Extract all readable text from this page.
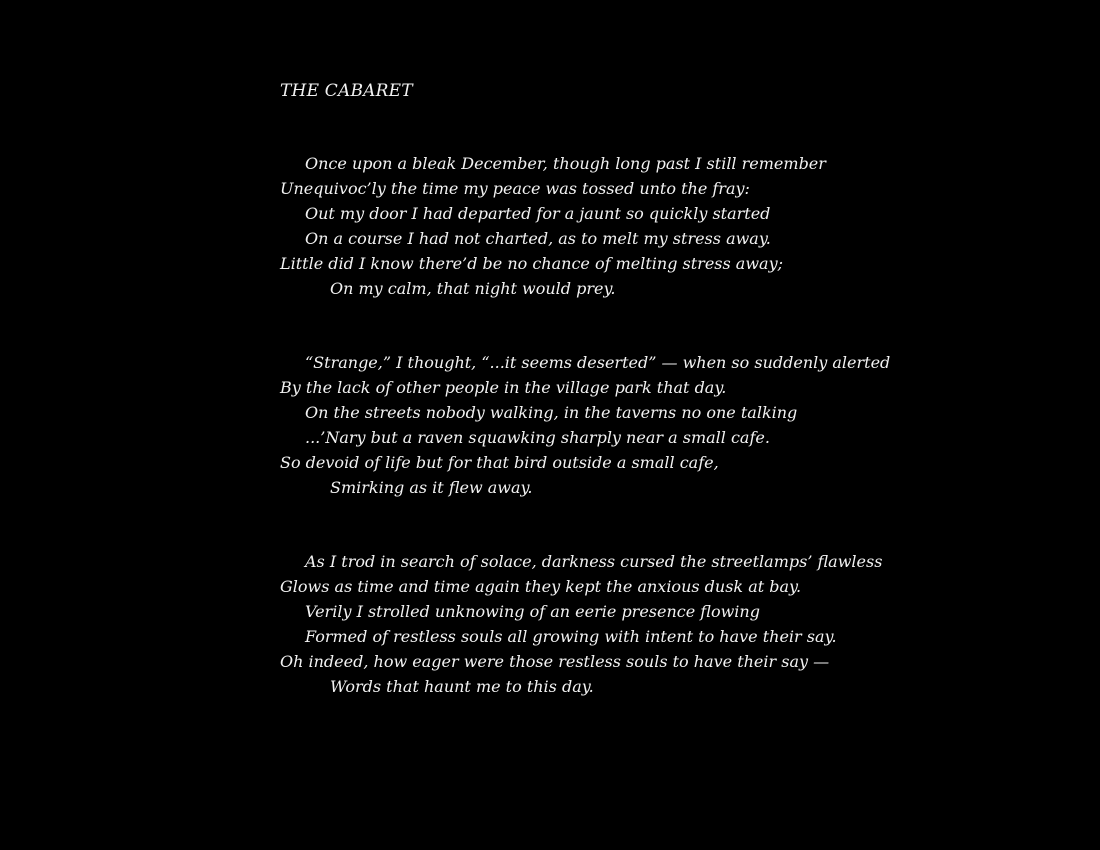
THE CABARET

Once upon a bleak December, though long past I still remember
Unequivoc’ly the time my peace was tossed unto the fray:
Out my door I had departed for a jaunt so quickly started
On a course I had not charted, as to melt my stress away.
Little did I know there’d be no chance of melting stress away;
On my calm, that night would prey.

“Strange,” I thought, “...it seems deserted” — when so suddenly alerted
By the lack of other people in the village park that day.
On the streets nobody walking, in the taverns no one talking
...’Nary but a raven squawking sharply near a small cafe.
So devoid of life but for that bird outside a small cafe,
Smirking as it flew away.

As I trod in search of solace, darkness cursed the streetlamps’ flawless
Glows as time and time again they kept the anxious dusk at bay.
Verily I strolled unknowing of an eerie presence flowing
Formed of restless souls all growing with intent to have their say.
Oh indeed, how eager were those restless souls to have their say —
Words that haunt me to this day.
